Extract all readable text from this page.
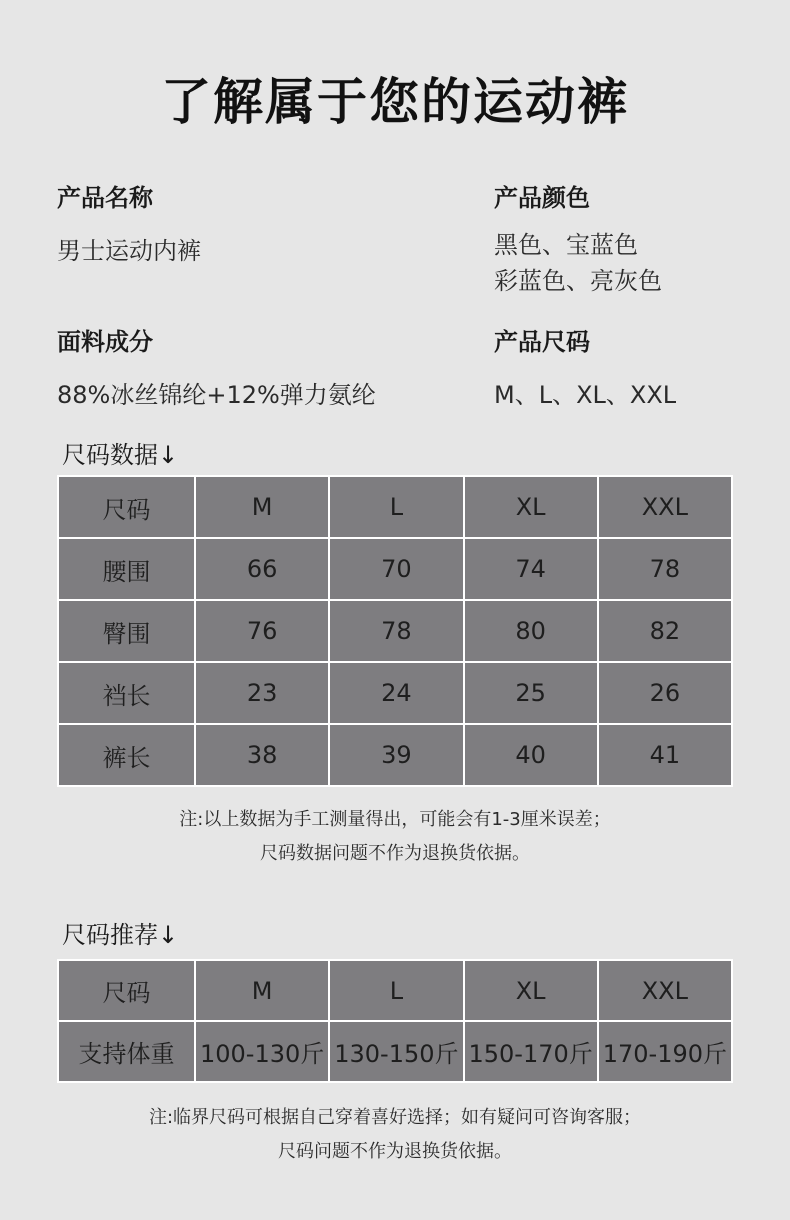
了解属于您的运动裤
产品名称
男士运动内裤
产品颜色
黑色、宝蓝色
彩蓝色、亮灰色
面料成分
88%冰丝锦纶+12%弹力氨纶
产品尺码
M、L、XL、XXL
尺码数据↓
尺码	M	L	XL	XXL
腰围	66	70	74	78
臀围	76	78	80	82
裆长	23	24	25	26
裤长	38	39	40	41
注:以上数据为手工测量得出，可能会有1-3厘米误差；
尺码数据问题不作为退换货依据。
尺码推荐↓
尺码	M	L	XL	XXL
支持体重	100-130斤	130-150斤	150-170斤	170-190斤
注:临界尺码可根据自己穿着喜好选择；如有疑问可咨询客服；
尺码问题不作为退换货依据。
